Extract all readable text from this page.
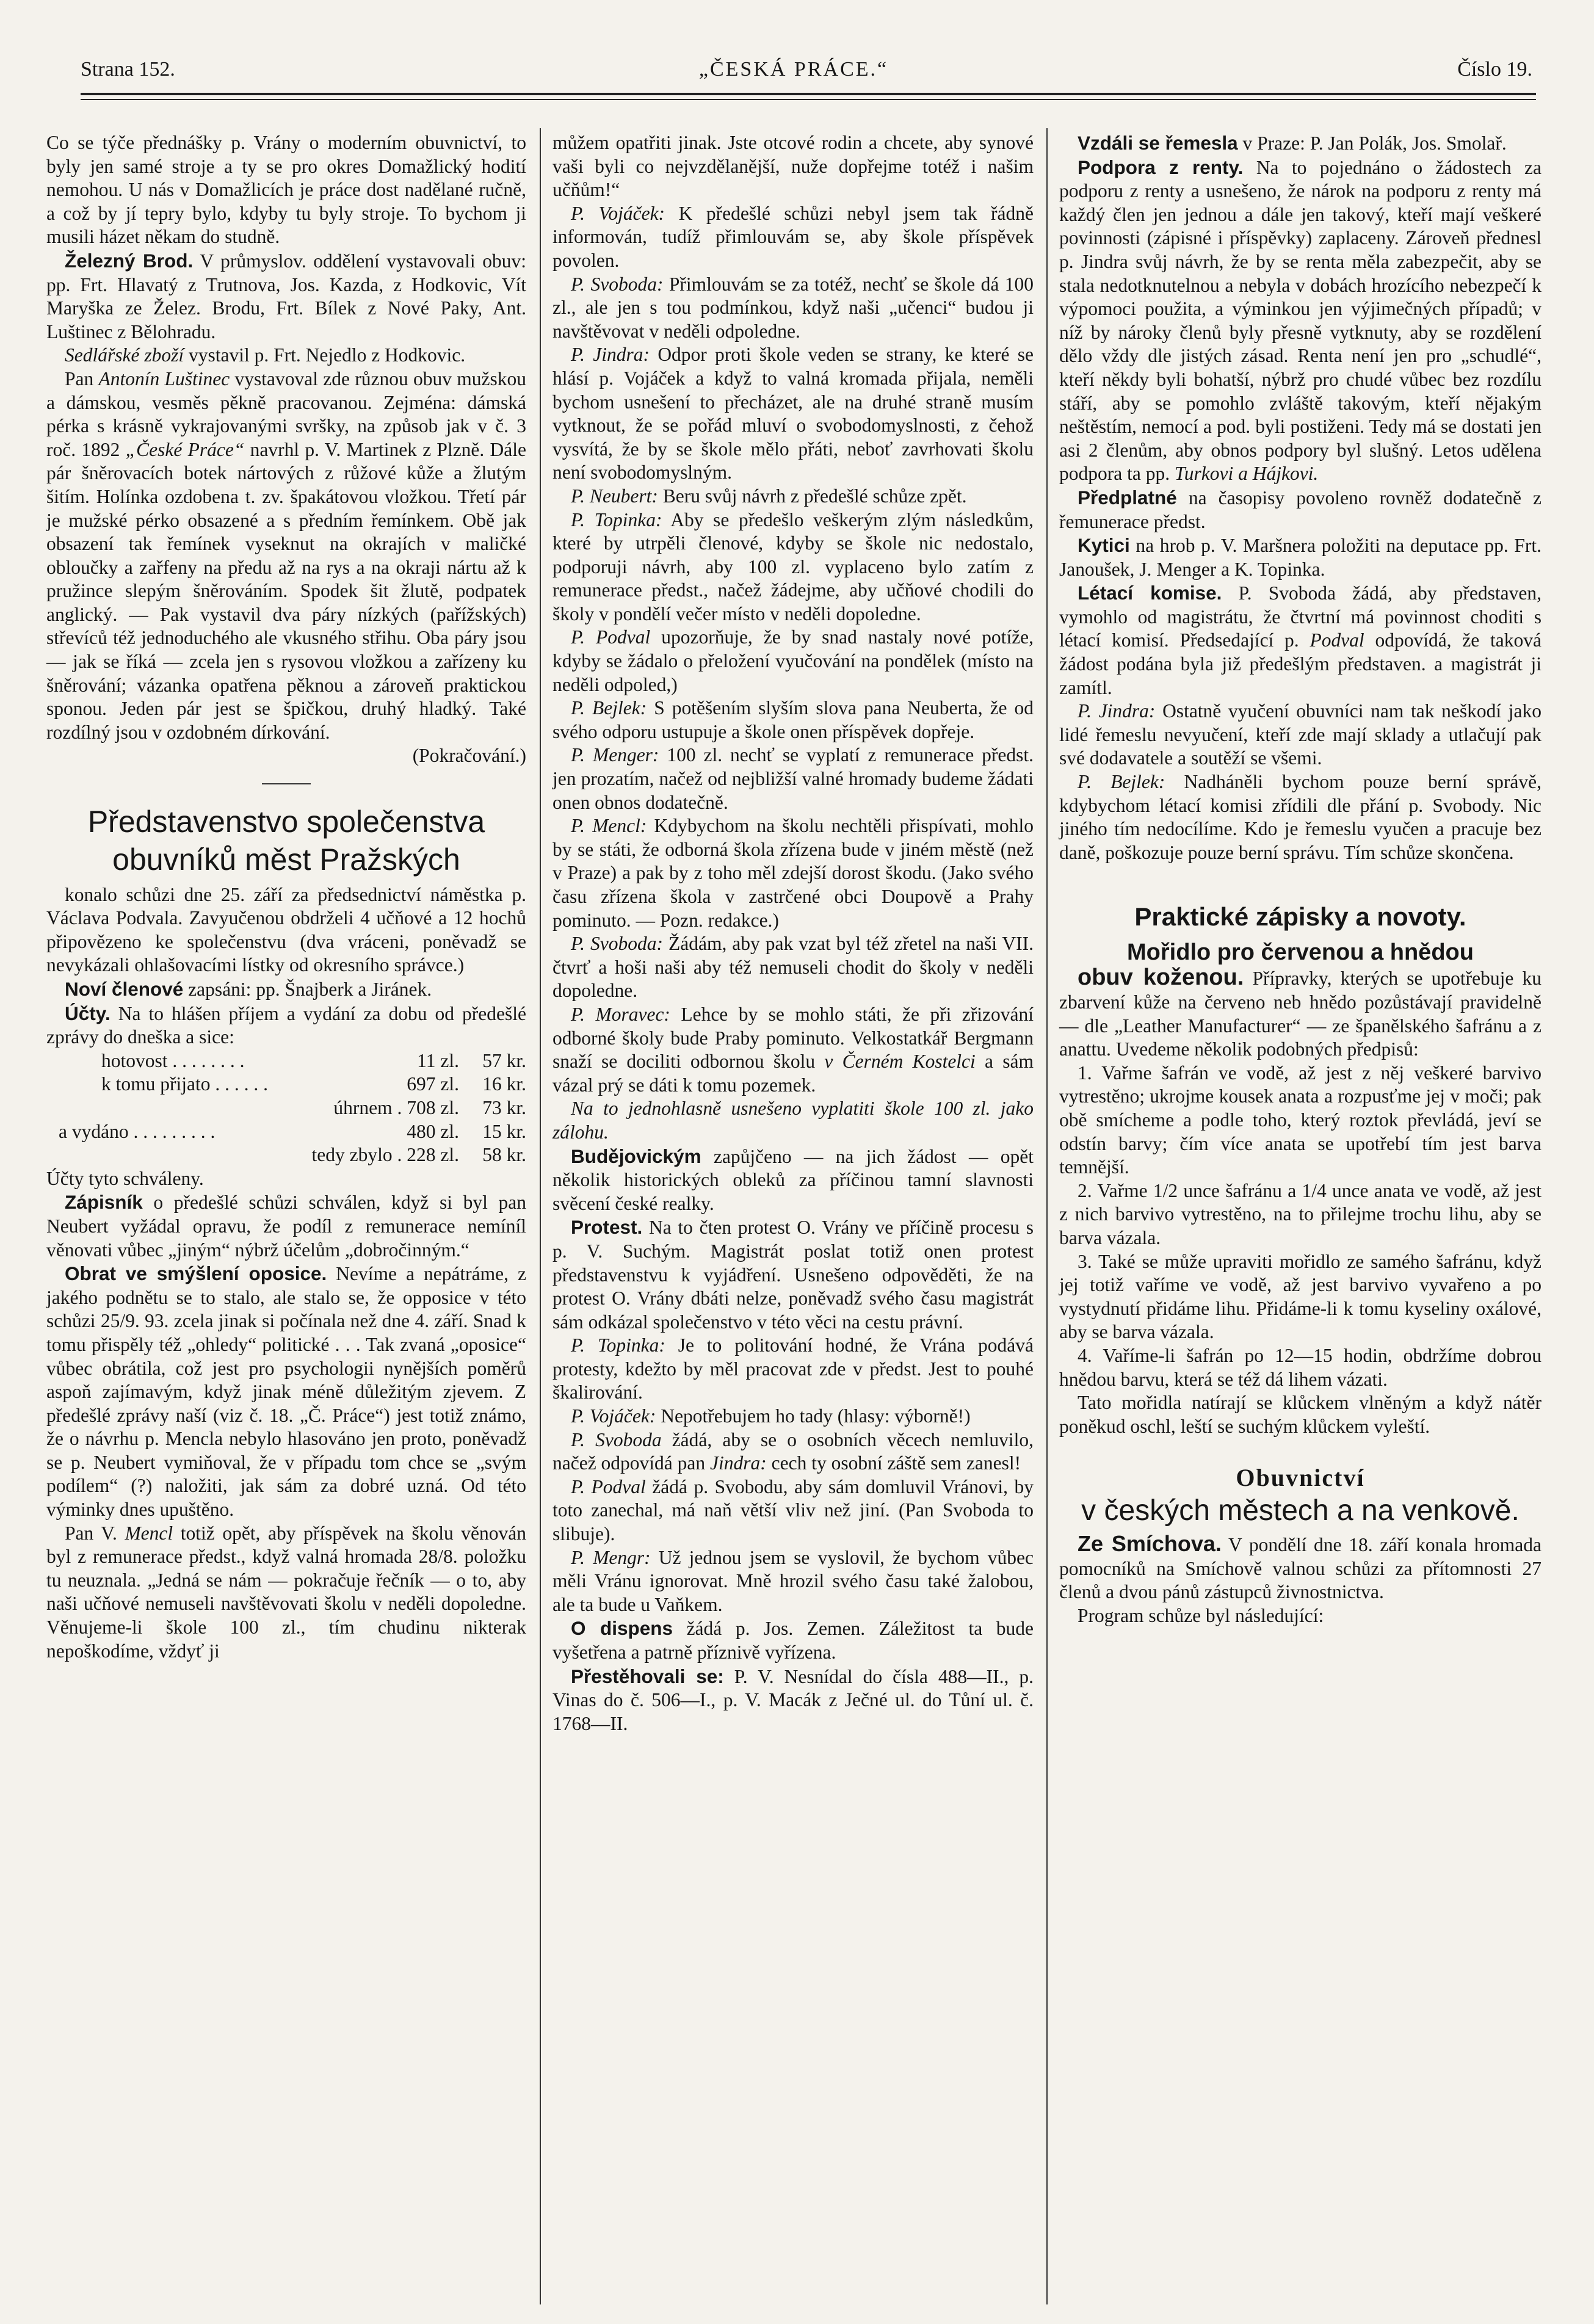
Strana 152.	„ČESKÁ PRÁCE.“	Číslo 19.

Co se týče přednášky p. Vrány o moderním obuvnictví, to byly jen samé stroje a ty se pro okres Domažlický hodití nemohou. U nás v Domažlicích je práce dost nadělané ručně, a což by jí tepry bylo, kdyby tu byly stroje. To bychom ji musili házet někam do studně.

Železný Brod. V průmyslov. oddělení vystavovali obuv: pp. Frt. Hlavatý z Trutnova, Jos. Kazda, z Hodkovic, Vít Maryška ze Želez. Brodu, Frt. Bílek z Nové Paky, Ant. Luštinec z Bělohradu.

Sedlářské zboží vystavil p. Frt. Nejedlo z Hodkovic.

Pan Antonín Luštinec vystavoval zde různou obuv mužskou a dámskou, vesměs pěkně pracovanou. Zejména: dámská pérka s krásně vykrajovanými svršky, na způsob jak v č. 3 roč. 1892 „České Práce“ navrhl p. V. Martinek z Plzně. Dále pár šněrovacích botek nártových z růžové kůže a žlutým šitím. Holínka ozdobena t. zv. špakátovou vložkou. Třetí pár je mužské pérko obsazené a s předním řemínkem. Obě jak obsazení tak řemínek vyseknut na okrajích v maličké obloučky a zařfeny na předu až na rys a na okraji nártu až k pružince slepým šněrováním. Spodek šit žlutě, podpatek anglický. — Pak vystavil dva páry nízkých (pařížských) střevíců též jednoduchého ale vkusného střihu. Oba páry jsou — jak se říká — zcela jen s rysovou vložkou a zařízeny ku šněrování; vázanka opatřena pěknou a zároveň praktickou sponou. Jeden pár jest se špičkou, druhý hladký. Také rozdílný jsou v ozdobném dírkování.

(Pokračování.)

Představenstvo společenstva obuvníků měst Pražských

konalo schůzi dne 25. září za předsednictví náměstka p. Václava Podvala. Zavyučenou obdrželi 4 učňové a 12 hochů připovězeno ke společenstvu (dva vráceni, poněvadž se nevykázali ohlašovacími lístky od okresního správce.)

Noví členové zapsáni: pp. Šnajberk a Jiránek.

Účty. Na to hlášen příjem a vydání za dobu od předešlé zprávy do dneška a sice:

hotovost . . . . . . . .	11 zl.	57 kr.
k tomu přijato . . . . . .	697 zl.	16 kr.
úhrnem . 708 zl.		73 kr.
a vydáno . . . . . . . . .	480 zl.	15 kr.
tedy zbylo . 228 zl.		58 kr.

Účty tyto schváleny.

Zápisník o předešlé schůzi schválen, když si byl pan Neubert vyžádal opravu, že podíl z remunerace nemíníl věnovati vůbec „jiným“ nýbrž účelům „dobročinným.“

Obrat ve smýšlení oposice. Nevíme a nepátráme, z jakého podnětu se to stalo, ale stalo se, že opposice v této schůzi 25/9. 93. zcela jinak si počínala než dne 4. září. Snad k tomu přispěly též „ohledy“ politické . . . Tak zvaná „oposice“ vůbec obrátila, což jest pro psychologii nynějších poměrů aspoň zajímavým, když jinak méně důležitým zjevem. Z předešlé zprávy naší (viz č. 18. „Č. Práce“) jest totiž známo, že o návrhu p. Mencla nebylo hlasováno jen proto, poněvadž se p. Neubert vymiňoval, že v případu tom chce se „svým podílem“ (?) naložiti, jak sám za dobré uzná. Od této výminky dnes upuštěno.

Pan V. Mencl totiž opět, aby příspěvek na školu věnován byl z remunerace předst., když valná hromada 28/8. položku tu neuznala. „Jedná se nám — pokračuje řečník — o to, aby naši učňové nemuseli navštěvovati školu v neděli dopoledne. Věnujeme-li škole 100 zl., tím chudinu nikterak nepoškodíme, vždyť ji

můžem opatřiti jinak. Jste otcové rodin a chcete, aby synové vaši byli co nejvzdělanější, nuže dopřejme totéž i našim učňům!“

P. Vojáček: K předešlé schůzi nebyl jsem tak řádně informován, tudíž přimlouvám se, aby škole příspěvek povolen.

P. Svoboda: Přimlouvám se za totéž, nechť se škole dá 100 zl., ale jen s tou podmínkou, když naši „učenci“ budou ji navštěvovat v neděli odpoledne.

P. Jindra: Odpor proti škole veden se strany, ke které se hlásí p. Vojáček a když to valná kromada přijala, neměli bychom usnešení to přecházet, ale na druhé straně musím vytknout, že se pořád mluví o svobodomyslnosti, z čehož vysvítá, že by se škole mělo přáti, neboť zavrhovati školu není svobodomyslným.

P. Neubert: Beru svůj návrh z předešlé schůze zpět.

P. Topinka: Aby se předešlo veškerým zlým následkům, které by utrpěli členové, kdyby se škole nic nedostalo, podporuji návrh, aby 100 zl. vyplaceno bylo zatím z remunerace předst., načež žádejme, aby učňové chodili do školy v pondělí večer místo v neděli dopoledne.

P. Podval upozorňuje, že by snad nastaly nové potíže, kdyby se žádalo o přeložení vyučování na pondělek (místo na neděli odpoled,)

P. Bejlek: S potěšením slyším slova pana Neuberta, že od svého odporu ustupuje a škole onen příspěvek dopřeje.

P. Menger: 100 zl. nechť se vyplatí z remunerace předst. jen prozatím, načež od nejbližší valné hromady budeme žádati onen obnos dodatečně.

P. Mencl: Kdybychom na školu nechtěli přispívati, mohlo by se státi, že odborná škola zřízena bude v jiném městě (než v Praze) a pak by z toho měl zdejší dorost škodu. (Jako svého času zřízena škola v zastrčené obci Doupově a Prahy pominuto. — Pozn. redakce.)

P. Svoboda: Žádám, aby pak vzat byl též zřetel na naši VII. čtvrť a hoši naši aby též nemuseli chodit do školy v neděli dopoledne.

P. Moravec: Lehce by se mohlo státi, že při zřizování odborné školy bude Praby pominuto. Velkostatkář Bergmann snaží se dociliti odbornou školu v Černém Kostelci a sám vázal prý se dáti k tomu pozemek.

Na to jednohlasně usnešeno vyplatiti škole 100 zl. jako zálohu.

Budějovickým zapůjčeno — na jich žádost — opět několik historických obleků za příčinou tamní slavnosti svěcení české realky.

Protest. Na to čten protest O. Vrány ve příčině procesu s p. V. Suchým. Magistrát poslat totiž onen protest představenstvu k vyjádření. Usnešeno odpověděti, že na protest O. Vrány dbáti nelze, poněvadž svého času magistrát sám odkázal společenstvo v této věci na cestu právní.

P. Topinka: Je to politování hodné, že Vrána podává protesty, kdežto by měl pracovat zde v předst. Jest to pouhé škalirování.

P. Vojáček: Nepotřebujem ho tady (hlasy: výborně!)

P. Svoboda žádá, aby se o osobních věcech nemluvilo, načež odpovídá pan Jindra: cech ty osobní záště sem zanesl!

P. Podval žádá p. Svobodu, aby sám domluvil Vránovi, by toto zanechal, má naň větší vliv než jiní. (Pan Svoboda to slibuje).

P. Mengr: Už jednou jsem se vyslovil, že bychom vůbec měli Vránu ignorovat. Mně hrozil svého času také žalobou, ale ta bude u Vaňkem.

O dispens žádá p. Jos. Zemen. Záležitost ta bude vyšetřena a patrně příznivě vyřízena.

Přestěhovali se: P. V. Nesnídal do čísla 488—II., p. Vinas do č. 506—I., p. V. Macák z Ječné ul. do Tůní ul. č. 1768—II.

Vzdáli se řemesla v Praze: P. Jan Polák, Jos. Smolař.

Podpora z renty. Na to pojednáno o žádostech za podporu z renty a usnešeno, že nárok na podporu z renty má každý člen jen jednou a dále jen takový, kteří mají veškeré povinnosti (zápisné i příspěvky) zaplaceny. Zároveň přednesl p. Jindra svůj návrh, že by se renta měla zabezpečit, aby se stala nedotknutelnou a nebyla v dobách hrozícího nebezpečí k výpomoci použita, a výminkou jen výjimečných případů; v níž by nároky členů byly přesně vytknuty, aby se rozdělení dělo vždy dle jistých zásad. Renta není jen pro „schudlé“, kteří někdy byli bohatší, nýbrž pro chudé vůbec bez rozdílu stáří, aby se pomohlo zvláště takovým, kteří nějakým neštěstím, nemocí a pod. byli postiženi. Tedy má se dostati jen asi 2 členům, aby obnos podpory byl slušný. Letos udělena podpora ta pp. Turkovi a Hájkovi.

Předplatné na časopisy povoleno rovněž dodatečně z řemunerace předst.

Kytici na hrob p. V. Maršnera položiti na deputace pp. Frt. Janoušek, J. Menger a K. Topinka.

Létací komise. P. Svoboda žádá, aby představen, vymohlo od magistrátu, že čtvrtní má povinnost choditi s létací komisí. Předsedající p. Podval odpovídá, že taková žádost podána byla již předešlým představen. a magistrát ji zamítl.

P. Jindra: Ostatně vyučení obuvníci nam tak neškodí jako lidé řemeslu nevyučení, kteří zde mají sklady a utlačují pak své dodavatele a soutěží se všemi.

P. Bejlek: Nadháněli bychom pouze berní správě, kdybychom létací komisi zřídili dle přání p. Svobody. Nic jiného tím nedocílíme. Kdo je řemeslu vyučen a pracuje bez daně, poškozuje pouze berní správu. Tím schůze skončena.

Praktické zápisky a novoty.
Mořidlo pro červenou a hnědou

obuv koženou. Přípravky, kterých se upotřebuje ku zbarvení kůže na červeno neb hnědo pozůstávají pravidelně — dle „Leather Manufacturer“ — ze španělského šafránu a z anattu. Uvedeme několik podobných předpisů:

1. Vařme šafrán ve vodě, až jest z něj veškeré barvivo vytrestěno; ukrojme kousek anata a rozpusťme jej v moči; pak obě smícheme a podle toho, který roztok převládá, jeví se odstín barvy; čím více anata se upotřebí tím jest barva temnější.

2. Vařme 1/2 unce šafránu a 1/4 unce anata ve vodě, až jest z nich barvivo vytrestěno, na to přilejme trochu lihu, aby se barva vázala.

3. Také se může upraviti mořidlo ze samého šafránu, když jej totiž vaříme ve vodě, až jest barvivo vyvařeno a po vystydnutí přidáme lihu. Přidáme-li k tomu kyseliny oxálové, aby se barva vázala.

4. Vaříme-li šafrán po 12—15 hodin, obdržíme dobrou hnědou barvu, která se též dá lihem vázati.

Tato mořidla natírají se klůckem vlněným a když nátěr poněkud oschl, leští se suchým klůckem vyleští.

Obuvnictví
v českých městech a na venkově.

Ze Smíchova. V pondělí dne 18. září konala hromada pomocníků na Smíchově valnou schůzi za přítomnosti 27 členů a dvou pánů zástupců živnostnictva.

Program schůze byl následující:
